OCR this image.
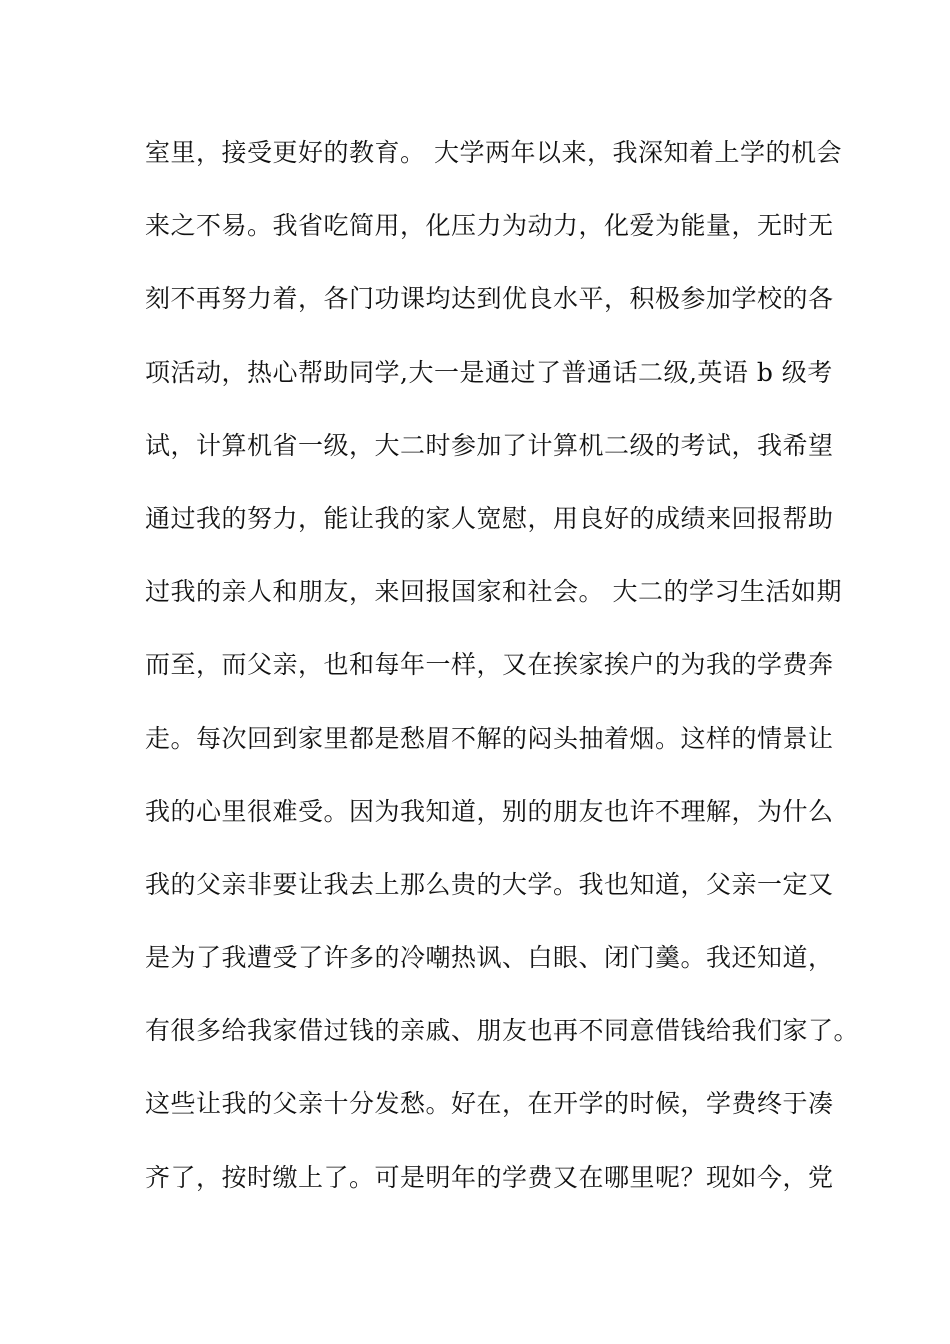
室里，接受更好的教育。 大学两年以来，我深知着上学的机会
来之不易。我省吃简用，化压力为动力，化爱为能量，无时无
刻不再努力着，各门功课均达到优良水平，积极参加学校的各
项活动，热心帮助同学,大一是通过了普通话二级,英语 b 级考
试，计算机省一级，大二时参加了计算机二级的考试，我希望
通过我的努力，能让我的家人宽慰，用良好的成绩来回报帮助
过我的亲人和朋友，来回报国家和社会。 大二的学习生活如期
而至，而父亲，也和每年一样，又在挨家挨户的为我的学费奔
走。每次回到家里都是愁眉不解的闷头抽着烟。这样的情景让
我的心里很难受。因为我知道，别的朋友也许不理解，为什么
我的父亲非要让我去上那么贵的大学。我也知道，父亲一定又
是为了我遭受了许多的冷嘲热讽、白眼、闭门羹。我还知道，
有很多给我家借过钱的亲戚、朋友也再不同意借钱给我们家了。
这些让我的父亲十分发愁。好在，在开学的时候，学费终于凑
齐了，按时缴上了。可是明年的学费又在哪里呢？现如今，党
